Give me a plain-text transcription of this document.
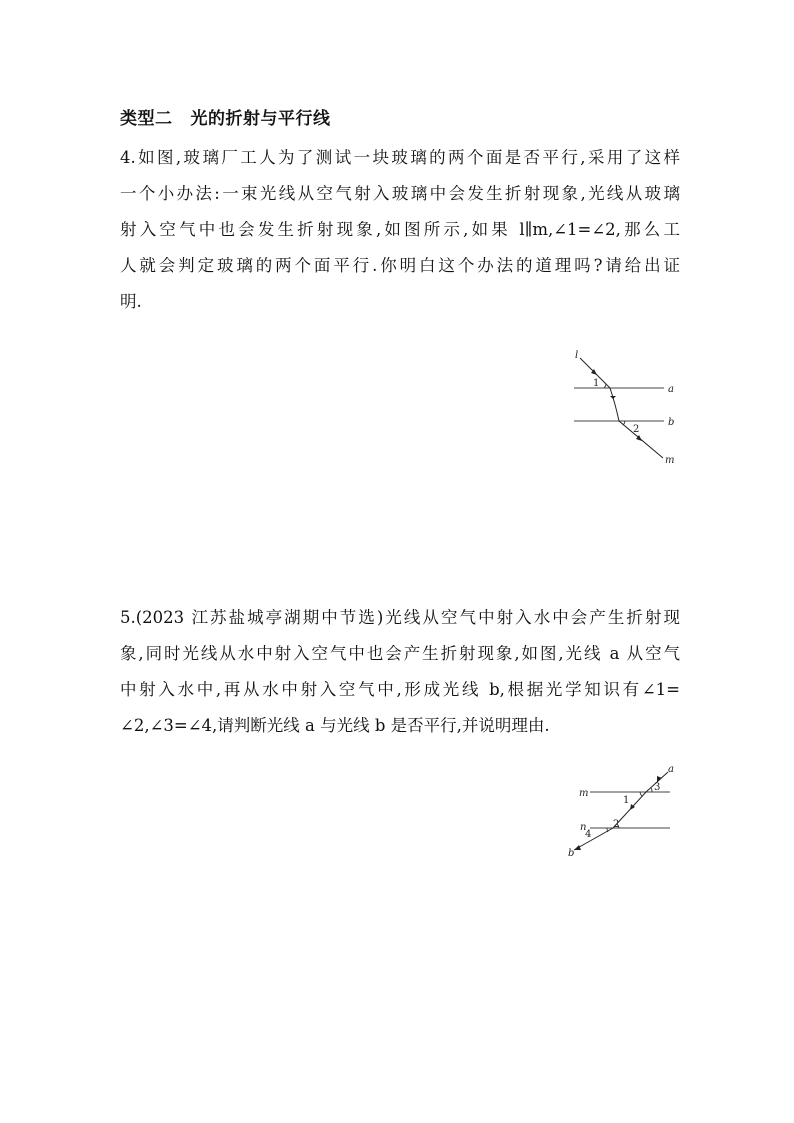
类型二 光的折射与平行线
4.如图,玻璃厂工人为了测试一块玻璃的两个面是否平行,采用了这样
一个小办法:一束光线从空气射入玻璃中会发生折射现象,光线从玻璃
射入空气中也会发生折射现象,如图所示,如果 l∥m,∠1=∠2,那么工
人就会判定玻璃的两个面平行.你明白这个办法的道理吗?请给出证
明.
l
a
b
m
1
2
5.(2023 江苏盐城亭湖期中节选)光线从空气中射入水中会产生折射现
象,同时光线从水中射入空气中也会产生折射现象,如图,光线 a 从空气
中射入水中,再从水中射入空气中,形成光线 b,根据光学知识有∠1=
∠2,∠3=∠4,请判断光线 a 与光线 b 是否平行,并说明理由.
a
m
n
b
1
3
2
4
